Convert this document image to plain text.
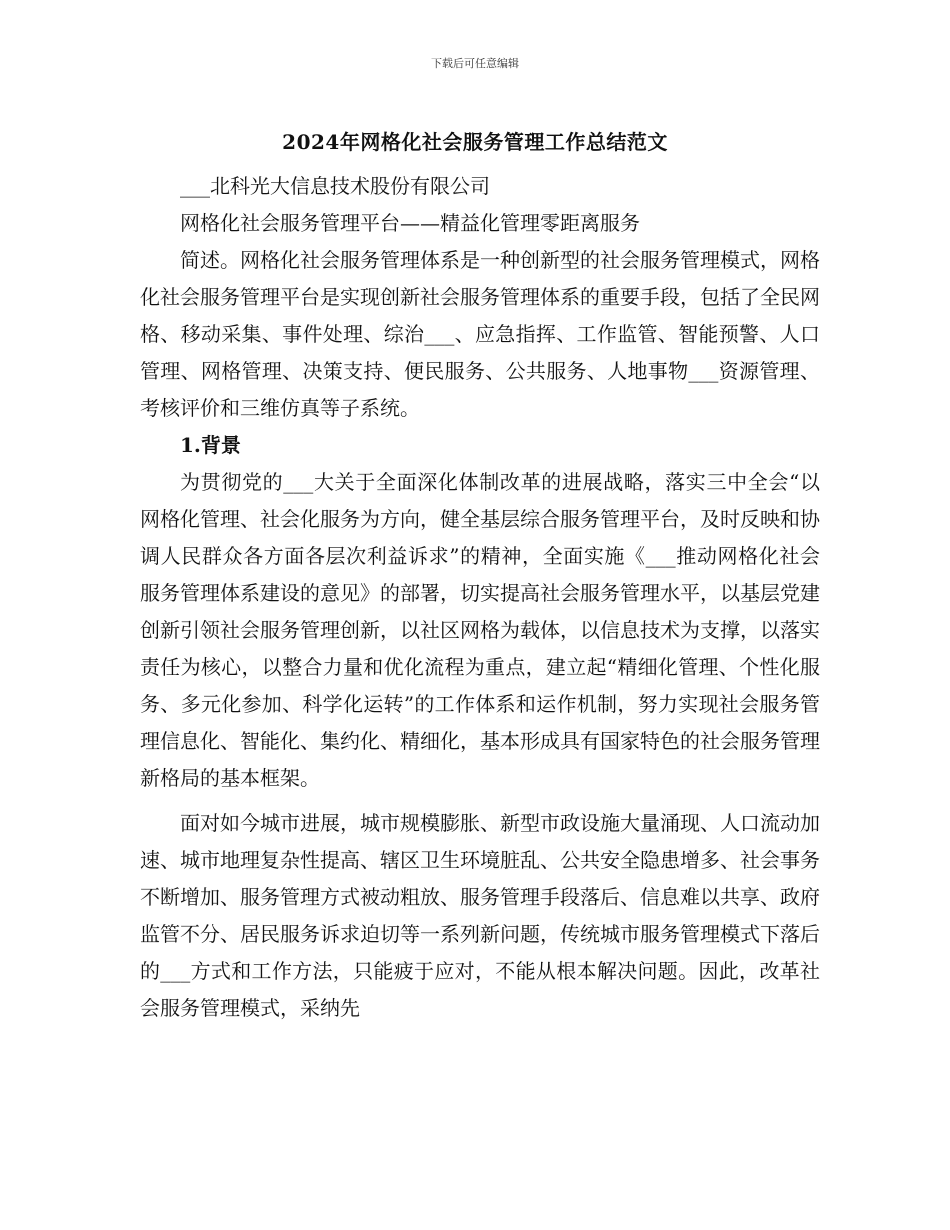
下载后可任意编辑
2024年网格化社会服务管理工作总结范文

___北科光大信息技术股份有限公司

网格化社会服务管理平台——精益化管理零距离服务

简述。网格化社会服务管理体系是一种创新型的社会服务管理模式，网格化社会服务管理平台是实现创新社会服务管理体系的重要手段，包括了全民网格、移动采集、事件处理、综治___、应急指挥、工作监管、智能预警、人口管理、网格管理、决策支持、便民服务、公共服务、人地事物___资源管理、考核评价和三维仿真等子系统。

1.背景

为贯彻党的___大关于全面深化体制改革的进展战略，落实三中全会“以网格化管理、社会化服务为方向，健全基层综合服务管理平台，及时反映和协调人民群众各方面各层次利益诉求”的精神，全面实施《___推动网格化社会服务管理体系建设的意见》的部署，切实提高社会服务管理水平，以基层党建创新引领社会服务管理创新，以社区网格为载体，以信息技术为支撑，以落实责任为核心，以整合力量和优化流程为重点，建立起“精细化管理、个性化服务、多元化参加、科学化运转”的工作体系和运作机制，努力实现社会服务管理信息化、智能化、集约化、精细化，基本形成具有国家特色的社会服务管理新格局的基本框架。

面对如今城市进展，城市规模膨胀、新型市政设施大量涌现、人口流动加速、城市地理复杂性提高、辖区卫生环境脏乱、公共安全隐患增多、社会事务不断增加、服务管理方式被动粗放、服务管理手段落后、信息难以共享、政府监管不分、居民服务诉求迫切等一系列新问题，传统城市服务管理模式下落后的___方式和工作方法，只能疲于应对，不能从根本解决问题。因此，改革社会服务管理模式，采纳先
